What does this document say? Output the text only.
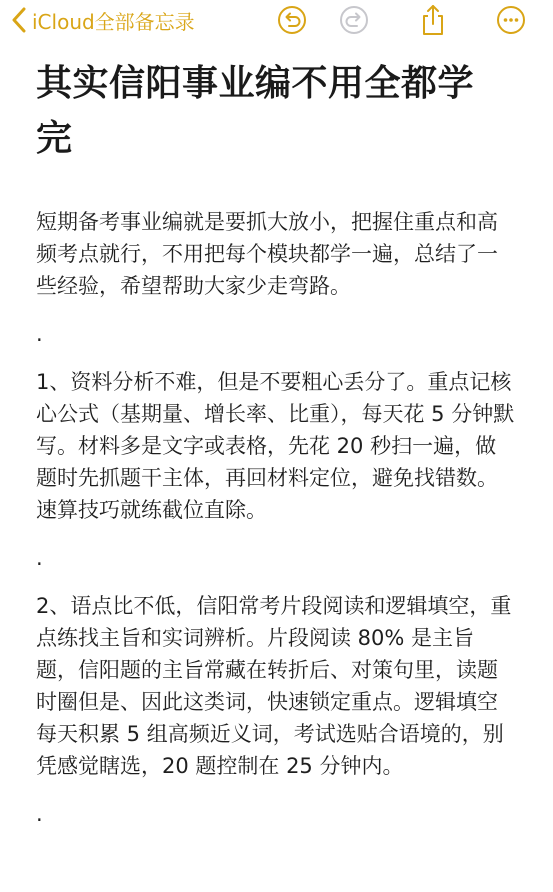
iCloud全部备忘录
其实信阳事业编不用全都学完

短期备考事业编就是要抓大放小，把握住重点和高频考点就行，不用把每个模块都学一遍，总结了一些经验，希望帮助大家少走弯路。

.

1、资料分析不难，但是不要粗心丢分了。重点记核心公式（基期量、增长率、比重），每天花 5 分钟默写。材料多是文字或表格，先花 20 秒扫一遍，做题时先抓题干主体，再回材料定位，避免找错数。速算技巧就练截位直除。

.

2、语点比不低，信阳常考片段阅读和逻辑填空，重点练找主旨和实词辨析。片段阅读 80% 是主旨题，信阳题的主旨常藏在转折后、对策句里，读题时圈但是、因此这类词，快速锁定重点。逻辑填空每天积累 5 组高频近义词，考试选贴合语境的，别凭感觉瞎选，20 题控制在 25 分钟内。

.
